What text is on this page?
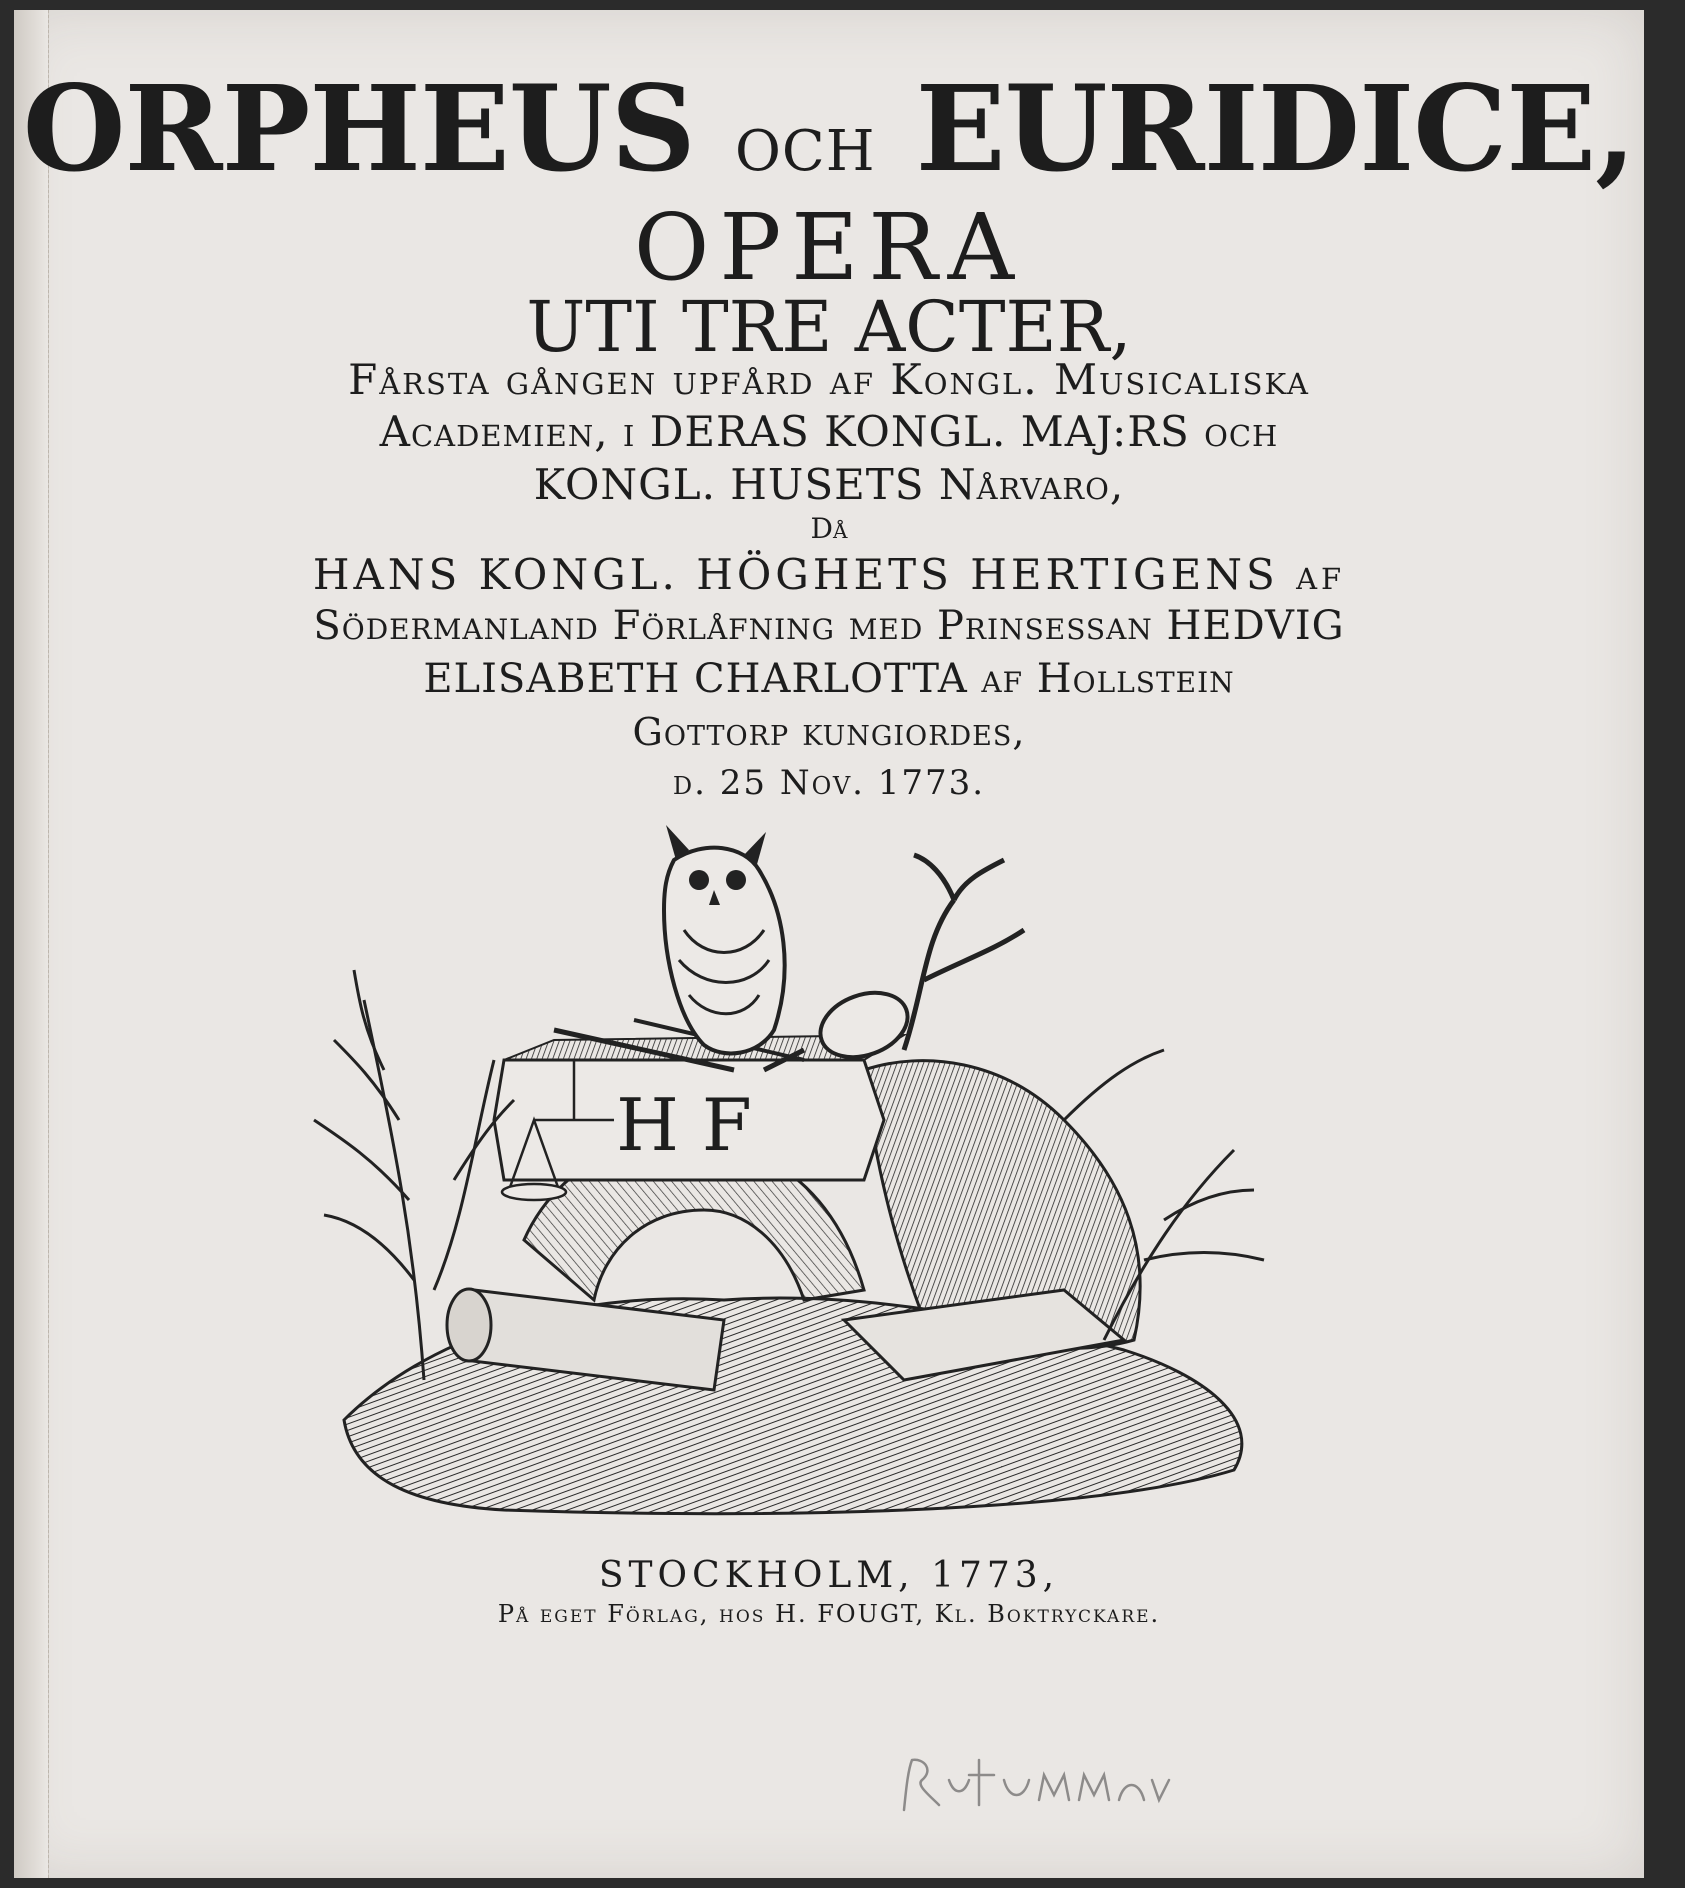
ORPHEUS OCH EURIDICE,
OPERA
UTI TRE ACTER,
Fårsta gången upfård af Kongl. Musicaliska
Academien, i DERAS KONGL. MAJ:RS och
KONGL. HUSETS Nårvaro,
Då
HANS KONGL. HÖGHETS HERTIGENS af
Södermanland Förlåfning med Prinsessan HEDVIG
ELISABETH CHARLOTTA af Hollstein
Gottorp kungiordes,
d. 25 Nov. 1773.
H F
STOCKHOLM, 1773,
På eget Förlag, hos H. FOUGT, Kl. Boktryckare.
